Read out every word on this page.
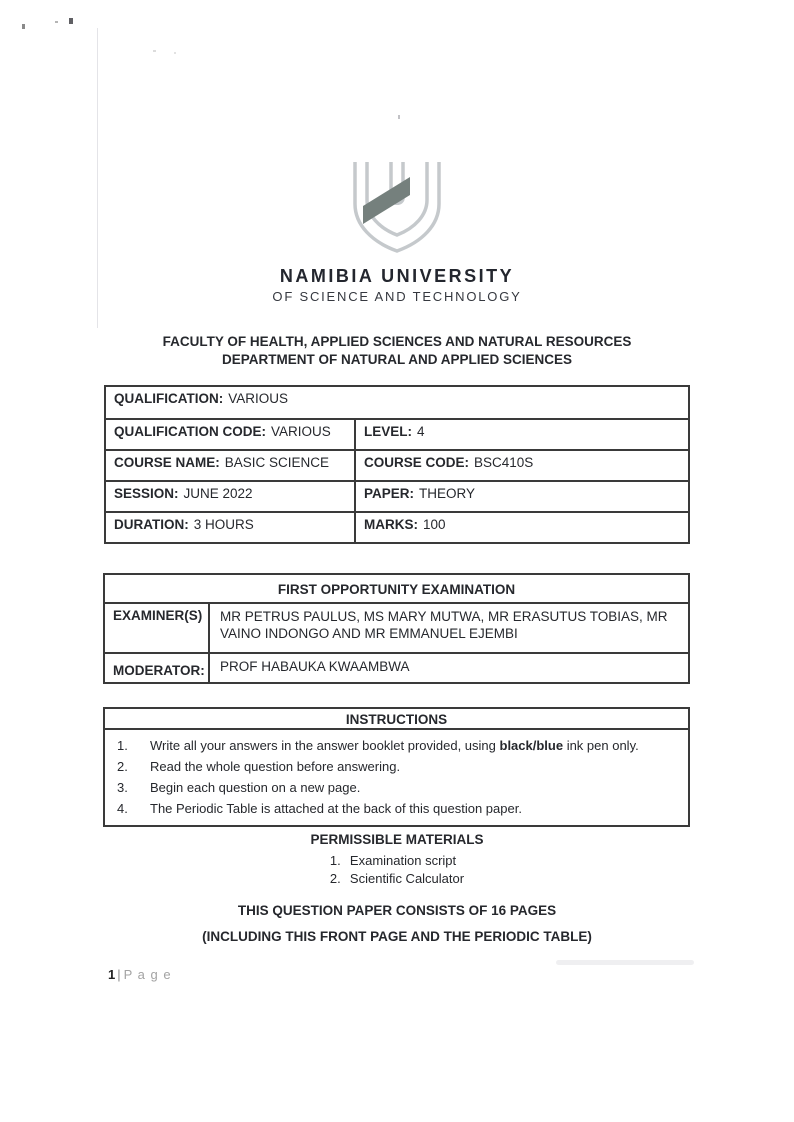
NAMIBIA UNIVERSITY
OF SCIENCE AND TECHNOLOGY
FACULTY OF HEALTH, APPLIED SCIENCES AND NATURAL RESOURCES
DEPARTMENT OF NATURAL AND APPLIED SCIENCES
QUALIFICATION: VARIOUS
QUALIFICATION CODE: VARIOUS	LEVEL: 4
COURSE NAME: BASIC SCIENCE	COURSE CODE: BSC410S
SESSION: JUNE 2022	PAPER: THEORY
DURATION: 3 HOURS	MARKS: 100
FIRST OPPORTUNITY EXAMINATION
EXAMINER(S)	MR PETRUS PAULUS, MS MARY MUTWA, MR ERASUTUS TOBIAS, MR VAINO INDONGO AND MR EMMANUEL EJEMBI
MODERATOR:	PROF HABAUKA KWAAMBWA
INSTRUCTIONS
1.	Write all your answers in the answer booklet provided, using black/blue ink pen only.
2.	Read the whole question before answering.
3.	Begin each question on a new page.
4.	The Periodic Table is attached at the back of this question paper.
PERMISSIBLE MATERIALS
1. Examination script
2. Scientific Calculator
THIS QUESTION PAPER CONSISTS OF 16 PAGES
(INCLUDING THIS FRONT PAGE AND THE PERIODIC TABLE)
1 | P a g e
